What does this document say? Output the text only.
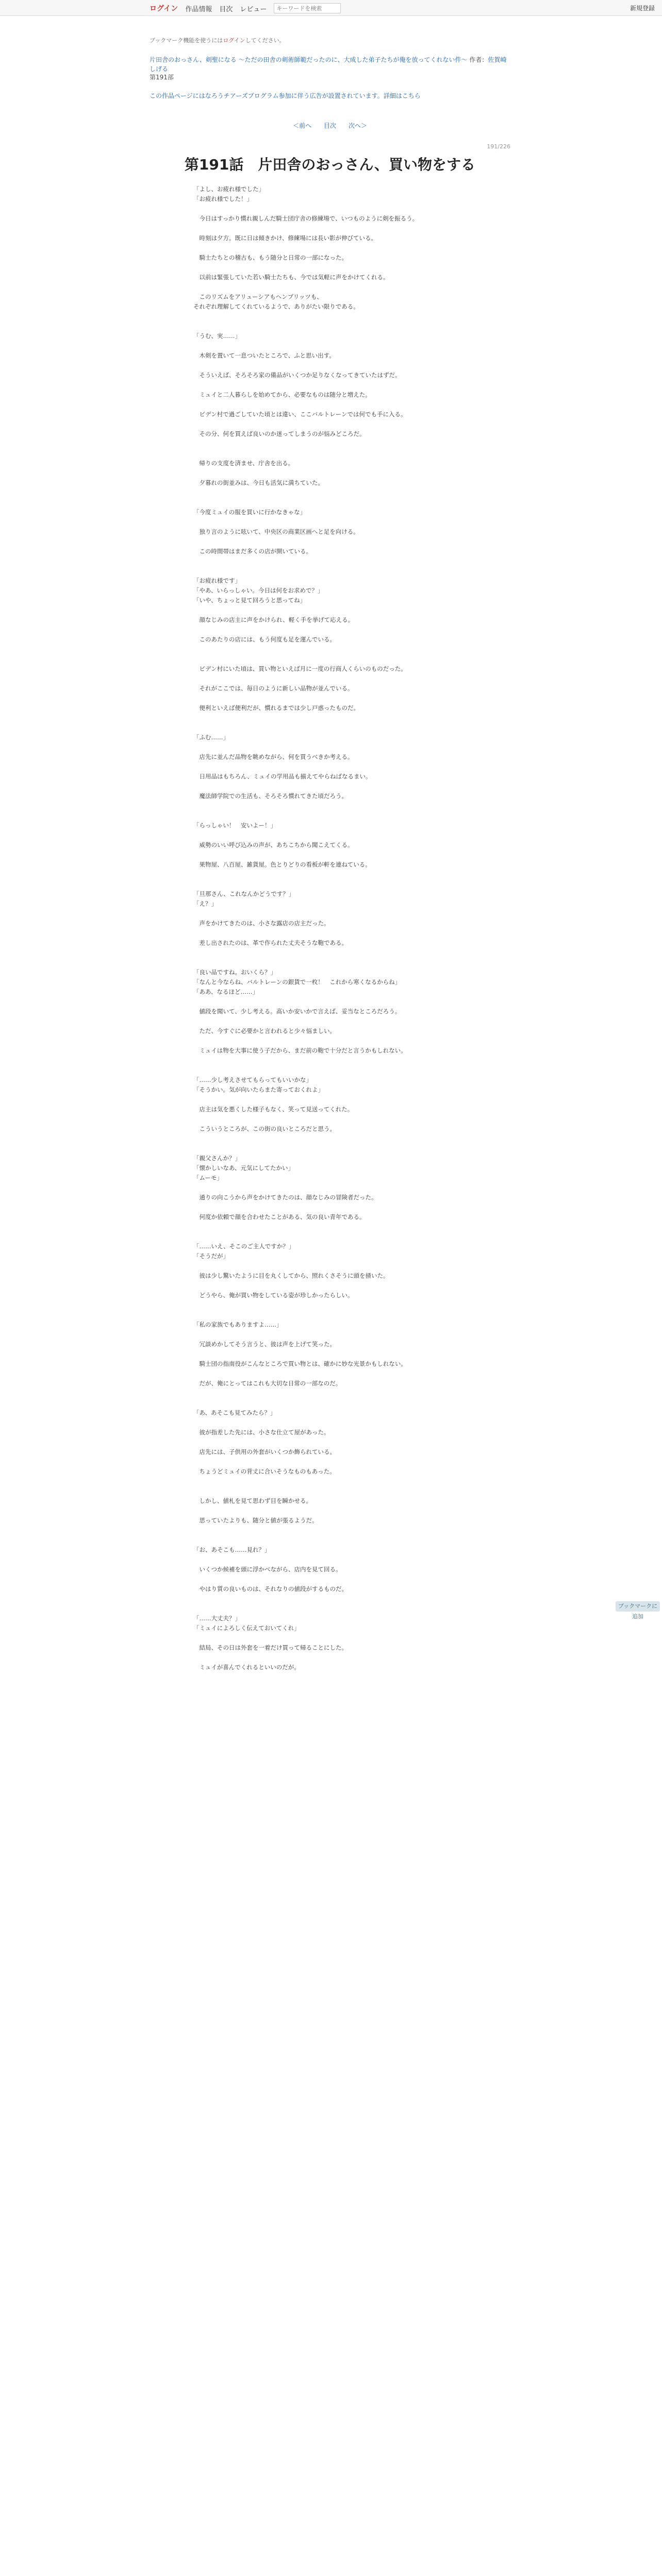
ログイン 作品情報 目次 レビュー
キーワードを検索	新規登録
ブックマーク機能を使うにはログインしてください。
片田舎のおっさん、剣聖になる 〜ただの田舎の剣術師範だったのに、大成した弟子たちが俺を放ってくれない件〜 作者：佐賀崎しげる
第191部
この作品ページにはなろうチアーズプログラム参加に伴う広告が設置されています。詳細はこちら
＜前へ 目次 次へ＞
191/226
第191話　片田舎のおっさん、買い物をする

「よし、お疲れ様でした」

「お疲れ様でした！」

　今日はすっかり慣れ親しんだ騎士団庁舎の修練場で、いつものように剣を振るう。

　時刻は夕方。既に日は傾きかけ、修練場には長い影が伸びている。

　騎士たちとの稽古も、もう随分と日常の一部になった。

　以前は緊張していた若い騎士たちも、今では気軽に声をかけてくれる。

　このリズムをアリューシアもヘンブリッツも、

それぞれ理解してくれているようで、ありがたい限りである。

「うむ、実……」

　木剣を置いて一息ついたところで、ふと思い出す。

　そういえば、そろそろ家の備品がいくつか足りなくなってきていたはずだ。

　ミュイと二人暮らしを始めてから、必要なものは随分と増えた。

　ビデン村で過ごしていた頃とは違い、ここバルトレーンでは何でも手に入る。

　その分、何を買えば良いのか迷ってしまうのが悩みどころだ。

　帰りの支度を済ませ、庁舎を出る。

　夕暮れの街並みは、今日も活気に満ちていた。

「今度ミュイの服を買いに行かなきゃな」

　独り言のように呟いて、中央区の商業区画へと足を向ける。

　この時間帯はまだ多くの店が開いている。

「お疲れ様です」

「やあ、いらっしゃい。今日は何をお求めで？」

「いや、ちょっと見て回ろうと思ってね」

　顔なじみの店主に声をかけられ、軽く手を挙げて応える。

　このあたりの店には、もう何度も足を運んでいる。

　ビデン村にいた頃は、買い物といえば月に一度の行商人くらいのものだった。

　それがここでは、毎日のように新しい品物が並んでいる。

　便利といえば便利だが、慣れるまでは少し戸惑ったものだ。

「ふむ……」

　店先に並んだ品物を眺めながら、何を買うべきか考える。

　日用品はもちろん、ミュイの学用品も揃えてやらねばなるまい。

　魔法師学院での生活も、そろそろ慣れてきた頃だろう。

「らっしゃい！　安いよー！」

　威勢のいい呼び込みの声が、あちこちから聞こえてくる。

　果物屋、八百屋、雑貨屋。色とりどりの看板が軒を連ねている。

「旦那さん、これなんかどうです？」

「え？」

　声をかけてきたのは、小さな露店の店主だった。

　差し出されたのは、革で作られた丈夫そうな鞄である。

「良い品ですね。おいくら？」

「なんと今ならね、バルトレーンの銀貨で一枚！　これから寒くなるからね」

「ああ、なるほど……」

　値段を聞いて、少し考える。高いか安いかで言えば、妥当なところだろう。

　ただ、今すぐに必要かと言われると少々悩ましい。

　ミュイは物を大事に使う子だから、まだ前の鞄で十分だと言うかもしれない。

「……少し考えさせてもらってもいいかな」

「そうかい。気が向いたらまた寄っておくれよ」

　店主は気を悪くした様子もなく、笑って見送ってくれた。

　こういうところが、この街の良いところだと思う。

「親父さんか？」

「懐かしいなあ、元気にしてたかい」

「ムーモ」

　通りの向こうから声をかけてきたのは、顔なじみの冒険者だった。

　何度か依頼で顔を合わせたことがある、気の良い青年である。

「……いえ、そこのご主人ですか？」

「そうだが」

　彼は少し驚いたように目を丸くしてから、照れくさそうに頭を掻いた。

　どうやら、俺が買い物をしている姿が珍しかったらしい。

「私の家族でもありますよ……」

　冗談めかしてそう言うと、彼は声を上げて笑った。

　騎士団の指南役がこんなところで買い物とは、確かに妙な光景かもしれない。

　だが、俺にとってはこれも大切な日常の一部なのだ。

「あ、あそこも見てみたら？」

　彼が指差した先には、小さな仕立て屋があった。

　店先には、子供用の外套がいくつか飾られている。

　ちょうどミュイの背丈に合いそうなものもあった。

　しかし、値札を見て思わず目を瞬かせる。

　思っていたよりも、随分と値が張るようだ。

「お、あそこも……見れ？」

　いくつか候補を頭に浮かべながら、店内を見て回る。

　やはり質の良いものは、それなりの値段がするものだ。

「……大丈夫？」

「ミュイによろしく伝えておいてくれ」

　結局、その日は外套を一着だけ買って帰ることにした。

　ミュイが喜んでくれるといいのだが。

ブックマークに追加
